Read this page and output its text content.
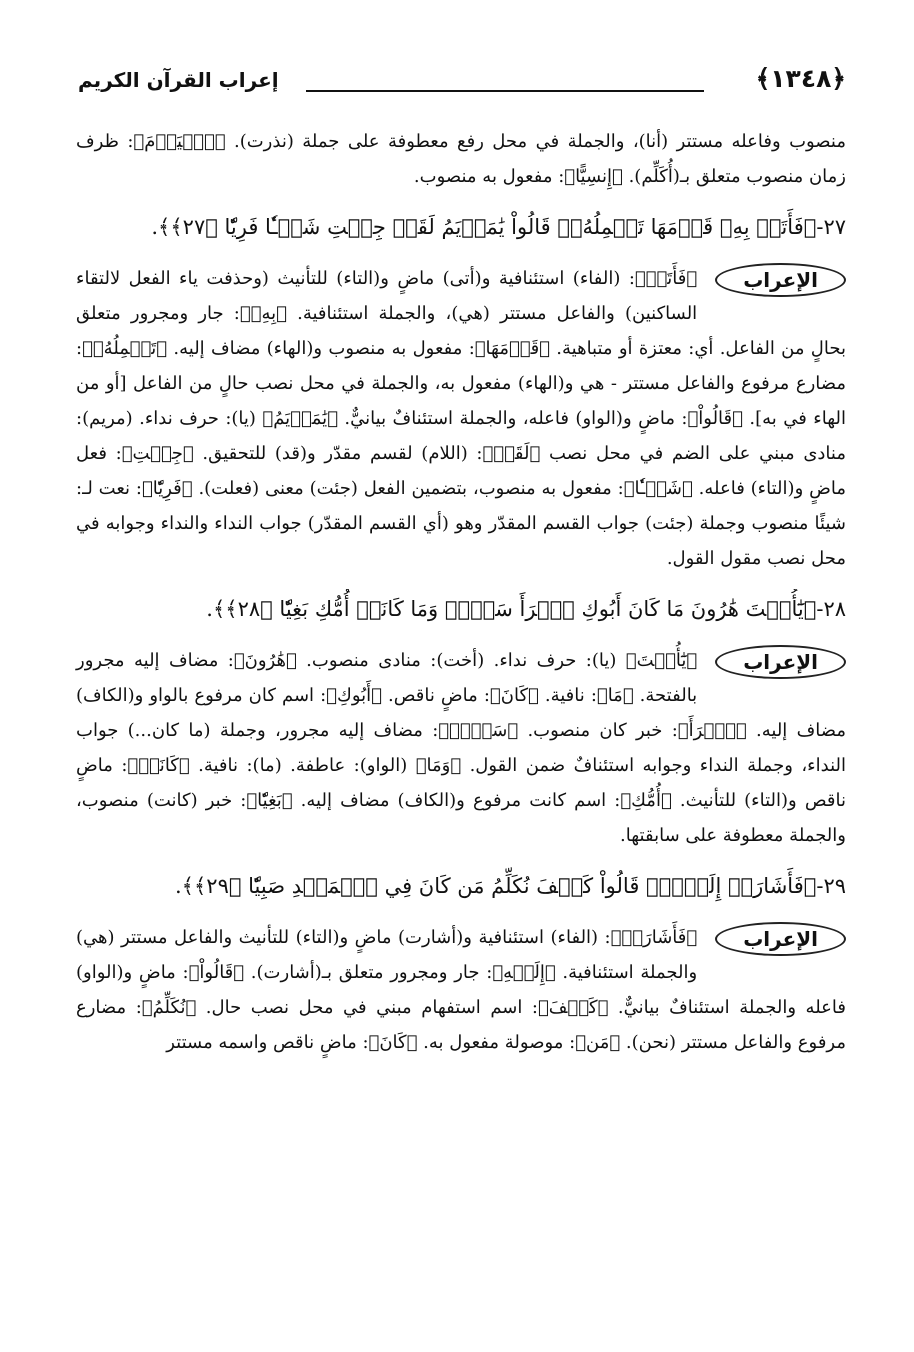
﴿١٣٤٨﴾
إعراب القرآن الكريم

منصوب وفاعله مستتر (أنا)، والجملة في محل رفع معطوفة على جملة (نذرت). ﴿ٱلۡيَوۡمَ﴾: ظرف زمان منصوب متعلق بـ(أُكَلِّم). ﴿إِنسِيًّا﴾: مفعول به منصوب.

٢٧-﴿فَأَتَتۡ بِهِۦ قَوۡمَهَا تَحۡمِلُهُۥۖ قَالُواْ يَٰمَرۡيَمُ لَقَدۡ جِئۡتِ شَيۡـٔٗا فَرِيّٗا ﴿٢٧﴾﴾.

الإعراب
﴿فَأَتَتۡ﴾: (الفاء) استئنافية و(أتى) ماضٍ و(التاء) للتأنيث (وحذفت ياء الفعل لالتقاء الساكنين) والفاعل مستتر (هي)، والجملة استئنافية. ﴿بِهِۦ﴾: جار ومجرور متعلق بحالٍ من الفاعل. أي: معتزة أو متباهية. ﴿قَوۡمَهَا﴾: مفعول به منصوب و(الهاء) مضاف إليه. ﴿تَحۡمِلُهُۥ﴾: مضارع مرفوع والفاعل مستتر - هي و(الهاء) مفعول به، والجملة في محل نصب حالٍ من الفاعل [أو من الهاء في به]. ﴿قَالُواْ﴾: ماضٍ و(الواو) فاعله، والجملة استئنافٌ بيانيٌّ. ﴿يَٰمَرۡيَمُ﴾ (يا): حرف نداء. (مريم): منادى مبني على الضم في محل نصب ﴿لَقَدۡ﴾: (اللام) لقسم مقدّر و(قد) للتحقيق. ﴿جِئۡتِ﴾: فعل ماضٍ و(التاء) فاعله. ﴿شَيۡـٔٗا﴾: مفعول به منصوب، بتضمين الفعل (جئت) معنى (فعلت). ﴿فَرِيّٗا﴾: نعت لـ: شيئًا منصوب وجملة (جئت) جواب القسم المقدّر وهو (أي القسم المقدّر) جواب النداء والنداء وجوابه في محل نصب مقول القول.

٢٨-﴿يَٰٓأُخۡتَ هَٰرُونَ مَا كَانَ أَبُوكِ ٱمۡرَأَ سَوۡءٖ وَمَا كَانَتۡ أُمُّكِ بَغِيّٗا ﴿٢٨﴾﴾.

الإعراب
﴿يَٰٓأُخۡتَ﴾ (يا): حرف نداء. (أخت): منادى منصوب. ﴿هَٰرُونَ﴾: مضاف إليه مجرور بالفتحة. ﴿مَا﴾: نافية. ﴿كَانَ﴾: ماضٍ ناقص. ﴿أَبُوكِ﴾: اسم كان مرفوع بالواو و(الكاف) مضاف إليه. ﴿ٱمۡرَأَ﴾: خبر كان منصوب. ﴿سَوۡءٖ﴾: مضاف إليه مجرور، وجملة (ما كان...) جواب النداء، وجملة النداء وجوابه استئنافٌ ضمن القول. ﴿وَمَا﴾ (الواو): عاطفة. (ما): نافية. ﴿كَانَتۡ﴾: ماضٍ ناقص و(التاء) للتأنيث. ﴿أُمُّكِ﴾: اسم كانت مرفوع و(الكاف) مضاف إليه. ﴿بَغِيّٗا﴾: خبر (كانت) منصوب، والجملة معطوفة على سابقتها.

٢٩-﴿فَأَشَارَتۡ إِلَيۡهِۖ قَالُواْ كَيۡفَ نُكَلِّمُ مَن كَانَ فِي ٱلۡمَهۡدِ صَبِيّٗا ﴿٢٩﴾﴾.

الإعراب
﴿فَأَشَارَتۡ﴾: (الفاء) استئنافية و(أشارت) ماضٍ و(التاء) للتأنيث والفاعل مستتر (هي) والجملة استئنافية. ﴿إِلَيۡهِ﴾: جار ومجرور متعلق بـ(أشارت). ﴿قَالُواْ﴾: ماضٍ و(الواو) فاعله والجملة استئنافٌ بيانيٌّ. ﴿كَيۡفَ﴾: اسم استفهام مبني في محل نصب حال. ﴿نُكَلِّمُ﴾: مضارع مرفوع والفاعل مستتر (نحن). ﴿مَن﴾: موصولة مفعول به. ﴿كَانَ﴾: ماضٍ ناقص واسمه مستتر
